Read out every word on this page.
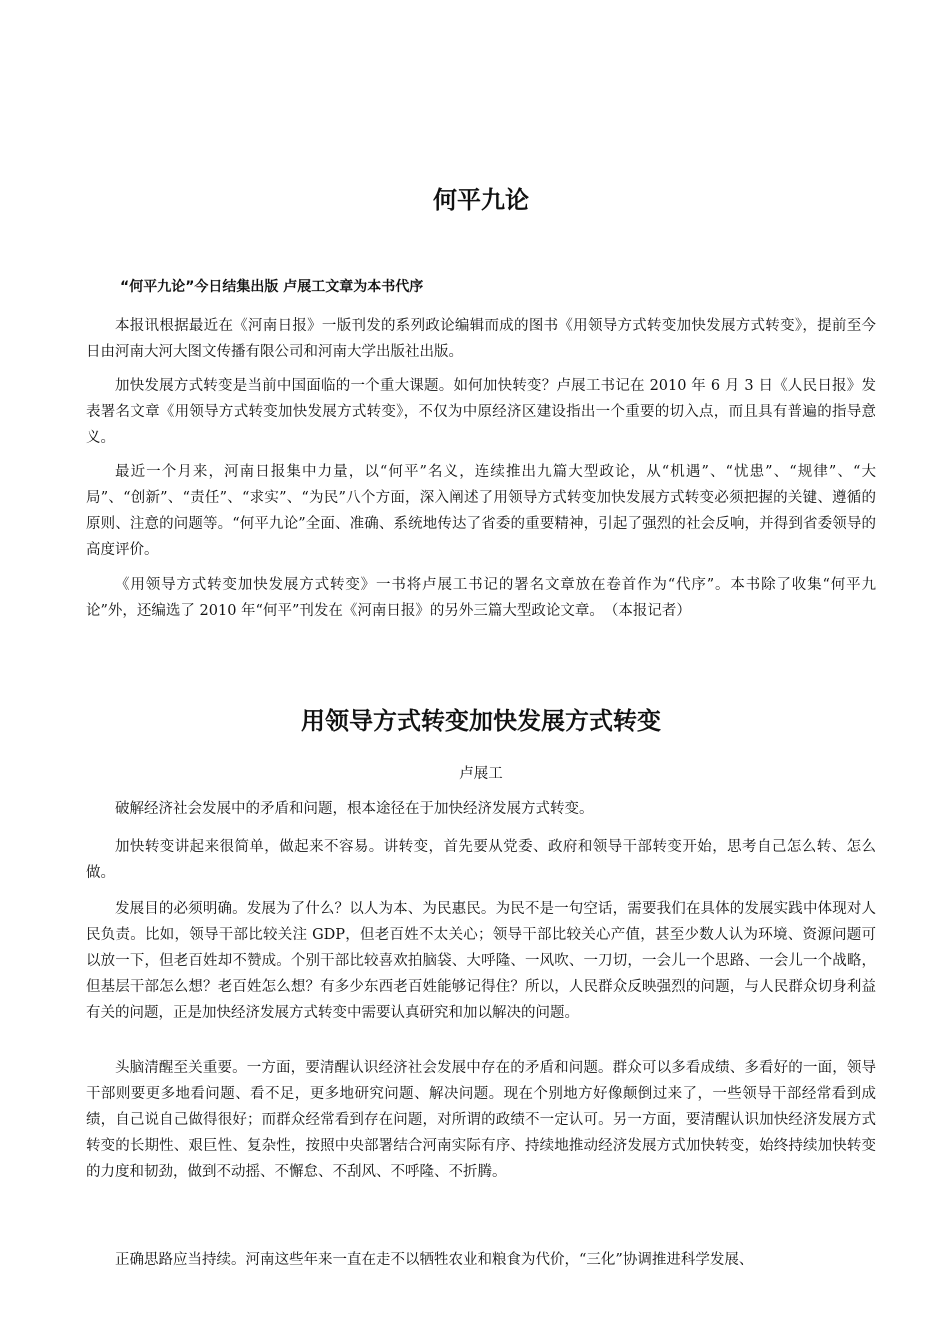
何平九论
“何平九论”今日结集出版 卢展工文章为本书代序

本报讯根据最近在《河南日报》一版刊发的系列政论编辑而成的图书《用领导方式转变加快发展方式转变》，提前至今日由河南大河大图文传播有限公司和河南大学出版社出版。

加快发展方式转变是当前中国面临的一个重大课题。如何加快转变？卢展工书记在 2010 年 6 月 3 日《人民日报》发表署名文章《用领导方式转变加快发展方式转变》，不仅为中原经济区建设指出一个重要的切入点，而且具有普遍的指导意义。

最近一个月来，河南日报集中力量，以“何平”名义，连续推出九篇大型政论，从“机遇”、“忧患”、“规律”、“大局”、“创新”、“责任”、“求实”、“为民”八个方面，深入阐述了用领导方式转变加快发展方式转变必须把握的关键、遵循的原则、注意的问题等。“何平九论”全面、准确、系统地传达了省委的重要精神，引起了强烈的社会反响，并得到省委领导的高度评价。

《用领导方式转变加快发展方式转变》一书将卢展工书记的署名文章放在卷首作为“代序”。本书除了收集“何平九论”外，还编选了 2010 年“何平”刊发在《河南日报》的另外三篇大型政论文章。　（本报记者）

用领导方式转变加快发展方式转变
卢展工

破解经济社会发展中的矛盾和问题，根本途径在于加快经济发展方式转变。

加快转变讲起来很简单，做起来不容易。讲转变，首先要从党委、政府和领导干部转变开始，思考自己怎么转、怎么做。

发展目的必须明确。发展为了什么？以人为本、为民惠民。为民不是一句空话，需要我们在具体的发展实践中体现对人民负责。比如，领导干部比较关注 GDP，但老百姓不太关心；领导干部比较关心产值，甚至少数人认为环境、资源问题可以放一下，但老百姓却不赞成。个别干部比较喜欢拍脑袋、大呼隆、一风吹、一刀切，一会儿一个思路、一会儿一个战略，但基层干部怎么想？老百姓怎么想？有多少东西老百姓能够记得住？所以，人民群众反映强烈的问题，与人民群众切身利益有关的问题，正是加快经济发展方式转变中需要认真研究和加以解决的问题。

头脑清醒至关重要。一方面，要清醒认识经济社会发展中存在的矛盾和问题。群众可以多看成绩、多看好的一面，领导干部则要更多地看问题、看不足，更多地研究问题、解决问题。现在个别地方好像颠倒过来了，一些领导干部经常看到成绩，自己说自己做得很好；而群众经常看到存在问题，对所谓的政绩不一定认可。另一方面，要清醒认识加快经济发展方式转变的长期性、艰巨性、复杂性，按照中央部署结合河南实际有序、持续地推动经济发展方式加快转变，始终持续加快转变的力度和韧劲，做到不动摇、不懈怠、不刮风、不呼隆、不折腾。

正确思路应当持续。河南这些年来一直在走不以牺牲农业和粮食为代价，“三化”协调推进科学发展、
